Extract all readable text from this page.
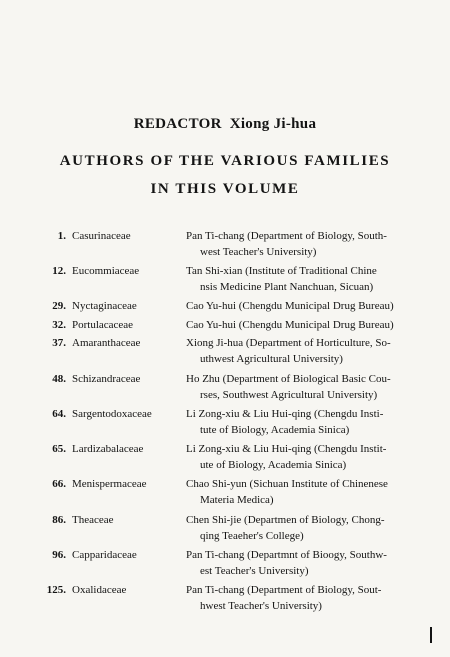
REDACTOR Xiong Ji-hua
AUTHORS OF THE VARIOUS FAMILIES
IN THIS VOLUME
1. Casurinaceae	Pan Ti-chang (Department of Biology, South-
west Teacher's University)
12. Eucommiaceae	Tan Shi-xian (Institute of Traditional Chine
nsis Medicine Plant Nanchuan, Sicuan)
29. Nyctaginaceae	Cao Yu-hui (Chengdu Municipal Drug Bureau)
32. Portulacaceae	Cao Yu-hui (Chengdu Municipal Drug Bureau)
37. Amaranthaceae	Xiong Ji-hua (Department of Horticulture, So-
uthwest Agricultural University)
48. Schizandraceae	Ho Zhu (Department of Biological Basic Cou-
rses, Southwest Agricultural University)
64. Sargentodoxaceae	Li Zong-xiu & Liu Hui-qing (Chengdu Insti-
tute of Biology, Academia Sinica)
65. Lardizabalaceae	Li Zong-xiu & Liu Hui-qing (Chengdu Instit-
ute of Biology, Academia Sinica)
66. Menispermaceae	Chao Shi-yun (Sichuan Institute of Chinenese
Materia Medica)
86. Theaceae	Chen Shi-jie (Departmen of Biology, Chong-
qing Teaeher's College)
96. Capparidaceae	Pan Ti-chang (Departmnt of Bioogy, Southw-
est Teacher's University)
125. Oxalidaceae	Pan Ti-chang (Department of Biology, Sout-
hwest Teacher's University)
